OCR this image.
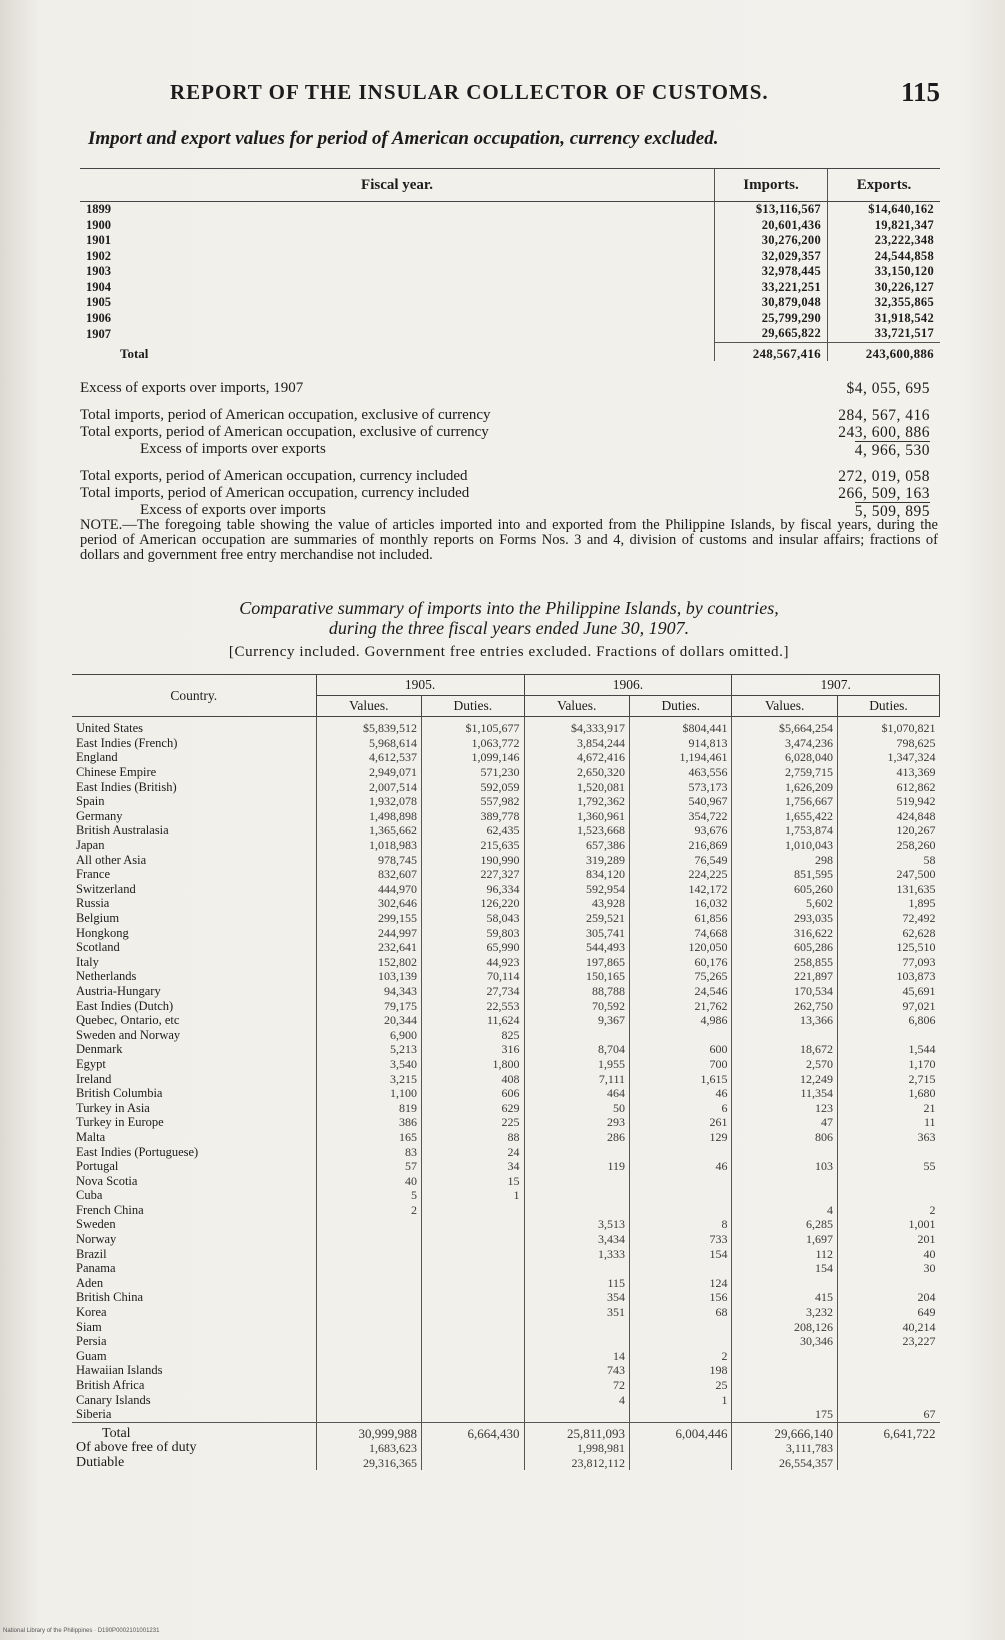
REPORT OF THE INSULAR COLLECTOR OF CUSTOMS.	115
Import and export values for period of American occupation, currency excluded.
Fiscal year.	Imports.	Exports.
1899	$13,116,567	$14,640,162
1900	20,601,436	19,821,347
1901	30,276,200	23,222,348
1902	32,029,357	24,544,858
1903	32,978,445	33,150,120
1904	33,221,251	30,226,127
1905	30,879,048	32,355,865
1906	25,799,290	31,918,542
1907	29,665,822	33,721,517
Total	248,567,416	243,600,886
Excess of exports over imports, 1907	$4, 055, 695
Total imports, period of American occupation, exclusive of currency	284, 567, 416
Total exports, period of American occupation, exclusive of currency	243, 600, 886
Excess of imports over exports	4, 966, 530
Total exports, period of American occupation, currency included	272, 019, 058
Total imports, period of American occupation, currency included	266, 509, 163
Excess of exports over imports	5, 509, 895
NOTE.—The foregoing table showing the value of articles imported into and exported from the Philippine Islands, by fiscal years, during the period of American occupation are summaries of monthly reports on Forms Nos. 3 and 4, division of customs and insular affairs; fractions of dollars and government free entry merchandise not included.
Comparative summary of imports into the Philippine Islands, by countries,
during the three fiscal years ended June 30, 1907.
[Currency included. Government free entries excluded. Fractions of dollars omitted.]
Country.	1905.		1906.		1907.	
	Values.	Duties.	Values.	Duties.	Values.	Duties.
United States	$5,839,512	$1,105,677	$4,333,917	$804,441	$5,664,254	$1,070,821
East Indies (French)	5,968,614	1,063,772	3,854,244	914,813	3,474,236	798,625
England	4,612,537	1,099,146	4,672,416	1,194,461	6,028,040	1,347,324
Chinese Empire	2,949,071	571,230	2,650,320	463,556	2,759,715	413,369
East Indies (British)	2,007,514	592,059	1,520,081	573,173	1,626,209	612,862
Spain	1,932,078	557,982	1,792,362	540,967	1,756,667	519,942
Germany	1,498,898	389,778	1,360,961	354,722	1,655,422	424,848
British Australasia	1,365,662	62,435	1,523,668	93,676	1,753,874	120,267
Japan	1,018,983	215,635	657,386	216,869	1,010,043	258,260
All other Asia	978,745	190,990	319,289	76,549	298	58
France	832,607	227,327	834,120	224,225	851,595	247,500
Switzerland	444,970	96,334	592,954	142,172	605,260	131,635
Russia	302,646	126,220	43,928	16,032	5,602	1,895
Belgium	299,155	58,043	259,521	61,856	293,035	72,492
Hongkong	244,997	59,803	305,741	74,668	316,622	62,628
Scotland	232,641	65,990	544,493	120,050	605,286	125,510
Italy	152,802	44,923	197,865	60,176	258,855	77,093
Netherlands	103,139	70,114	150,165	75,265	221,897	103,873
Austria-Hungary	94,343	27,734	88,788	24,546	170,534	45,691
East Indies (Dutch)	79,175	22,553	70,592	21,762	262,750	97,021
Quebec, Ontario, etc	20,344	11,624	9,367	4,986	13,366	6,806
Sweden and Norway	6,900	825				
Denmark	5,213	316	8,704	600	18,672	1,544
Egypt	3,540	1,800	1,955	700	2,570	1,170
Ireland	3,215	408	7,111	1,615	12,249	2,715
British Columbia	1,100	606	464	46	11,354	1,680
Turkey in Asia	819	629	50	6	123	21
Turkey in Europe	386	225	293	261	47	11
Malta	165	88	286	129	806	363
East Indies (Portuguese)	83	24				
Portugal	57	34	119	46	103	55
Nova Scotia	40	15				
Cuba	5	1				
French China	2				4	2
Sweden			3,513	8	6,285	1,001
Norway			3,434	733	1,697	201
Brazil			1,333	154	112	40
Panama					154	30
Aden			115	124		
British China			354	156	415	204
Korea			351	68	3,232	649
Siam					208,126	40,214
Persia					30,346	23,227
Guam			14	2		
Hawaiian Islands			743	198		
British Africa			72	25		
Canary Islands			4	1		
Siberia					175	67
Total	30,999,988	6,664,430	25,811,093	6,004,446	29,666,140	6,641,722
Of above free of duty	1,683,623		1,998,981		3,111,783	
Dutiable	29,316,365		23,812,112		26,554,357	
National Library of the Philippines · D190P0002101001231
